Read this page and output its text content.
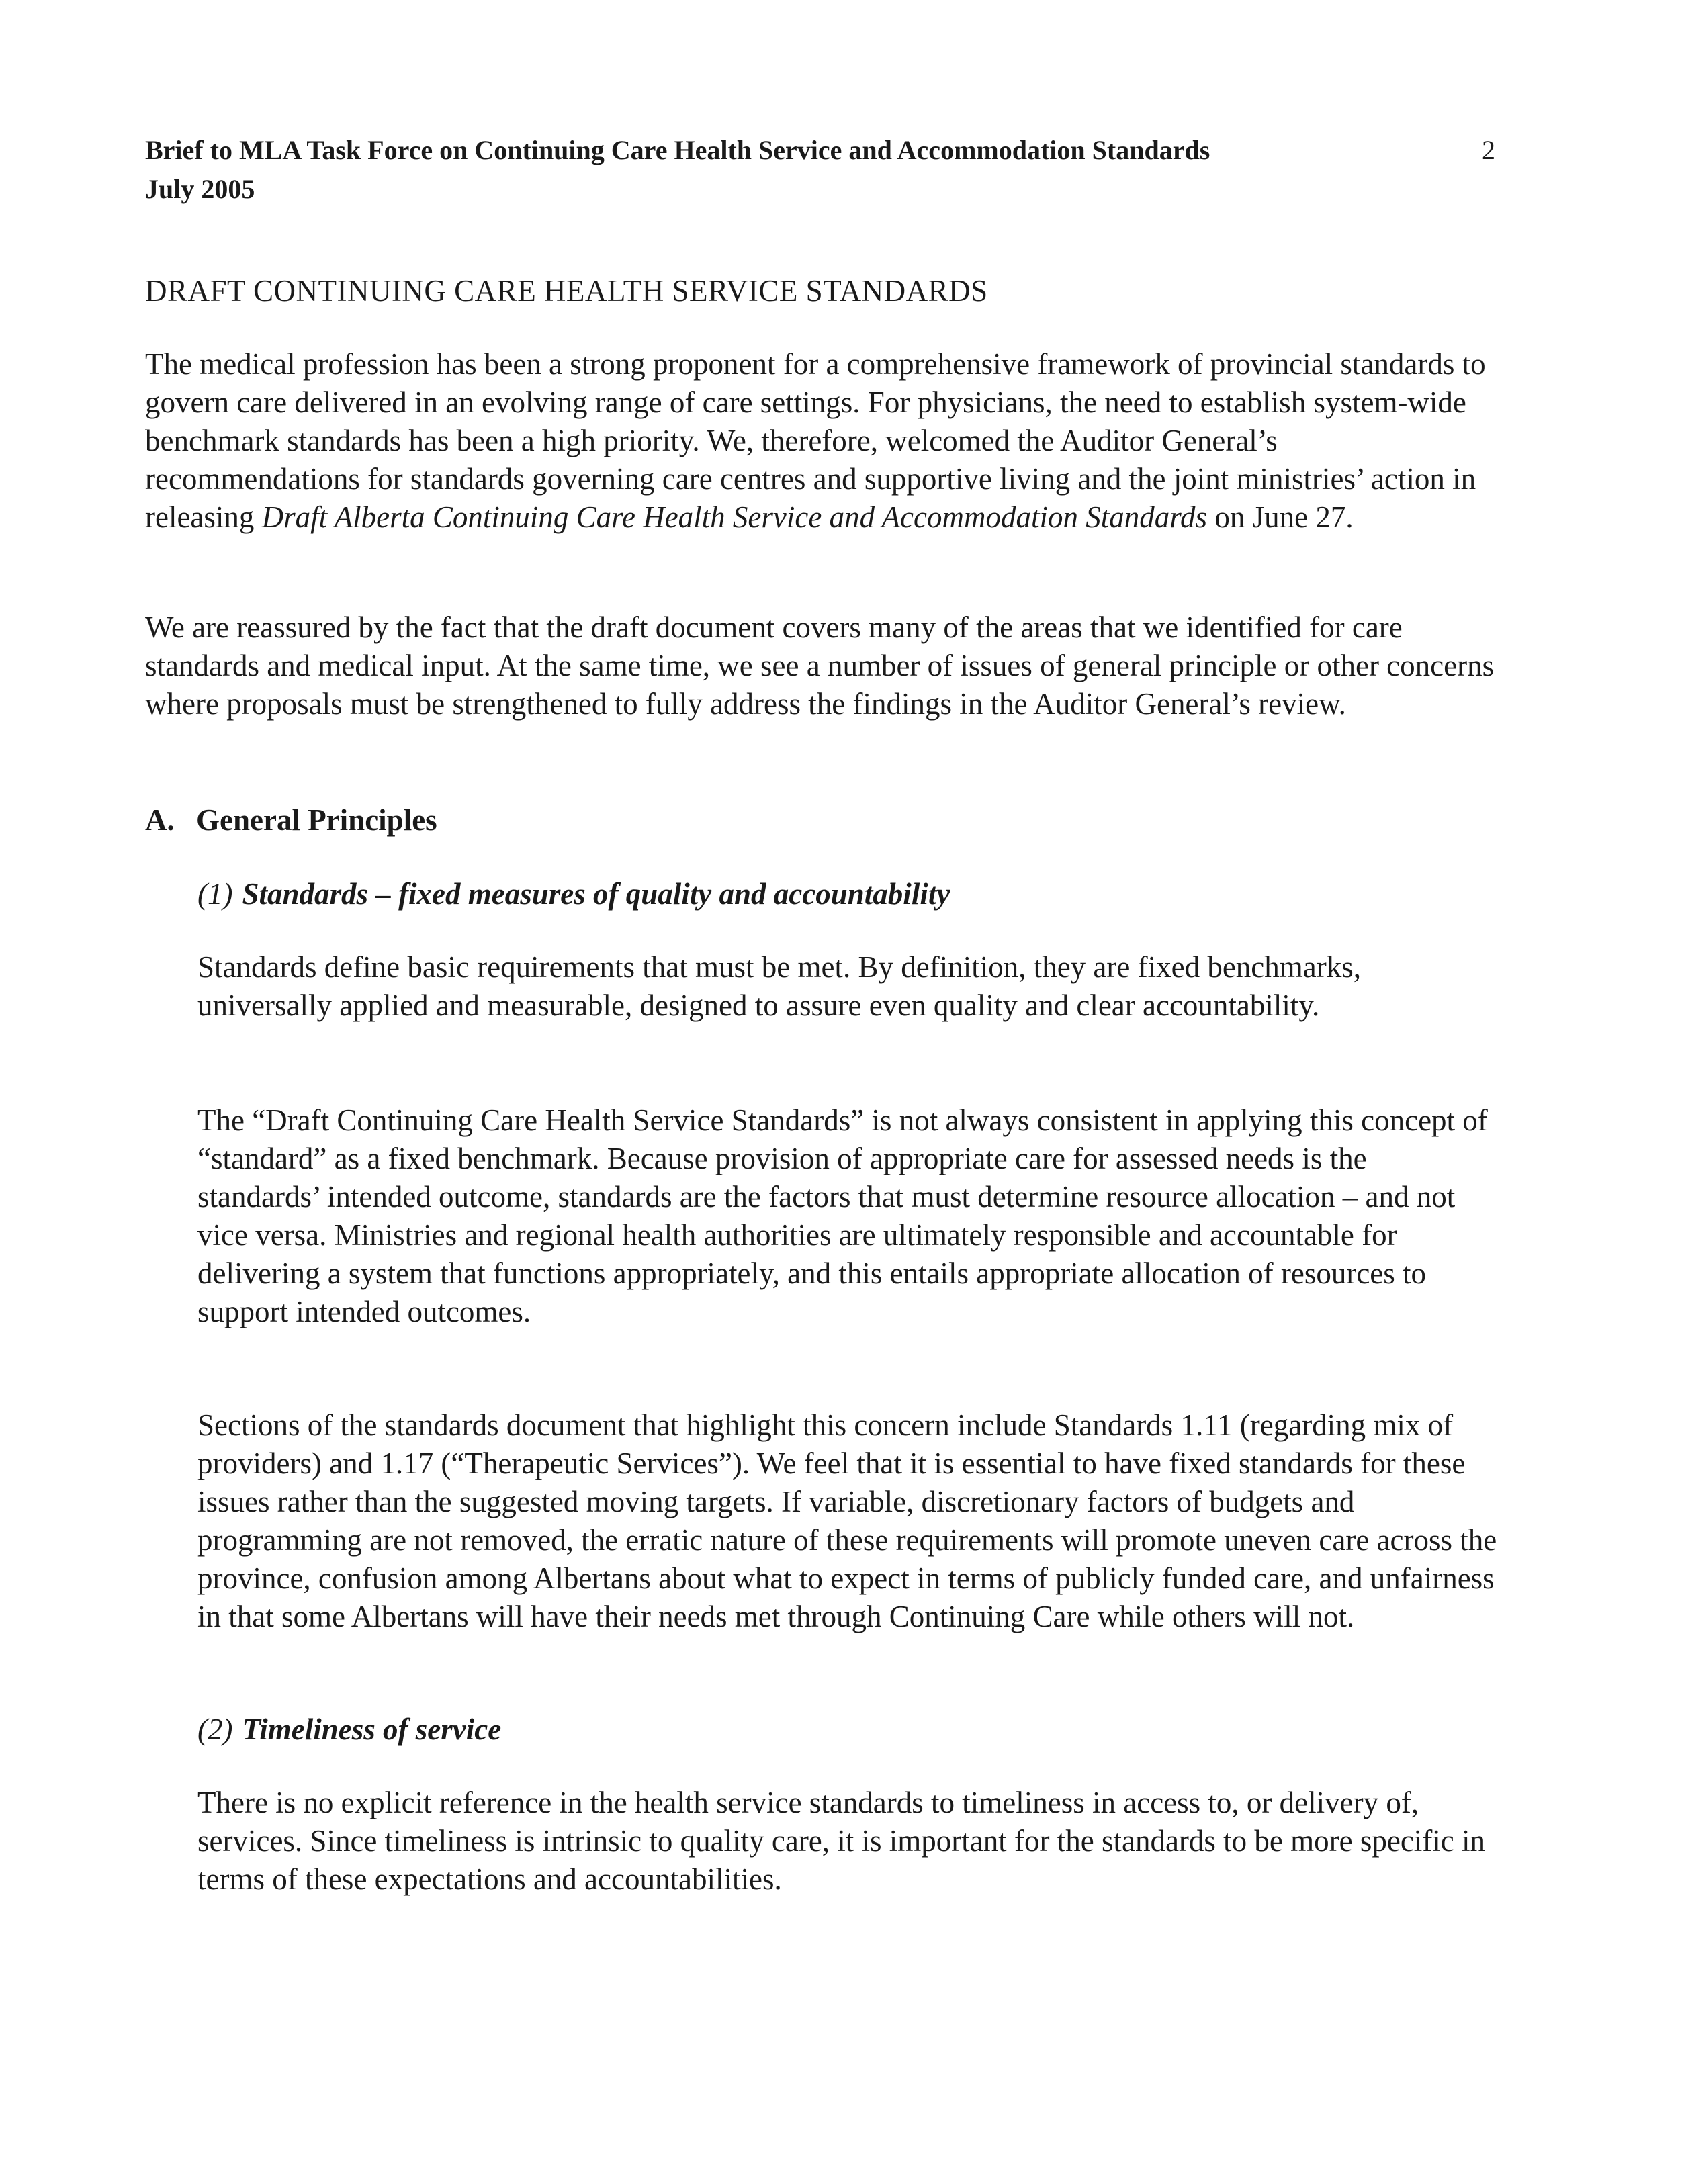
Brief to MLA Task Force on Continuing Care Health Service and Accommodation Standards
July 2005
2
DRAFT CONTINUING CARE HEALTH SERVICE STANDARDS

The medical profession has been a strong proponent for a comprehensive framework of provincial standards to govern care delivered in an evolving range of care settings. For physicians, the need to establish system-wide benchmark standards has been a high priority. We, therefore, welcomed the Auditor General’s recommendations for standards governing care centres and supportive living and the joint ministries’ action in releasing Draft Alberta Continuing Care Health Service and Accommodation Standards on June 27.

We are reassured by the fact that the draft document covers many of the areas that we identified for care standards and medical input. At the same time, we see a number of issues of general principle or other concerns where proposals must be strengthened to fully address the findings in the Auditor General’s review.

A. General Principles
(1) Standards – fixed measures of quality and accountability

Standards define basic requirements that must be met. By definition, they are fixed benchmarks, universally applied and measurable, designed to assure even quality and clear accountability.

The “Draft Continuing Care Health Service Standards” is not always consistent in applying this concept of “standard” as a fixed benchmark. Because provision of appropriate care for assessed needs is the standards’ intended outcome, standards are the factors that must determine resource allocation – and not vice versa. Ministries and regional health authorities are ultimately responsible and accountable for delivering a system that functions appropriately, and this entails appropriate allocation of resources to support intended outcomes.

Sections of the standards document that highlight this concern include Standards 1.11 (regarding mix of providers) and 1.17 (“Therapeutic Services”). We feel that it is essential to have fixed standards for these issues rather than the suggested moving targets. If variable, discretionary factors of budgets and programming are not removed, the erratic nature of these requirements will promote uneven care across the province, confusion among Albertans about what to expect in terms of publicly funded care, and unfairness in that some Albertans will have their needs met through Continuing Care while others will not.

(2) Timeliness of service

There is no explicit reference in the health service standards to timeliness in access to, or delivery of, services. Since timeliness is intrinsic to quality care, it is important for the standards to be more specific in terms of these expectations and accountabilities.
